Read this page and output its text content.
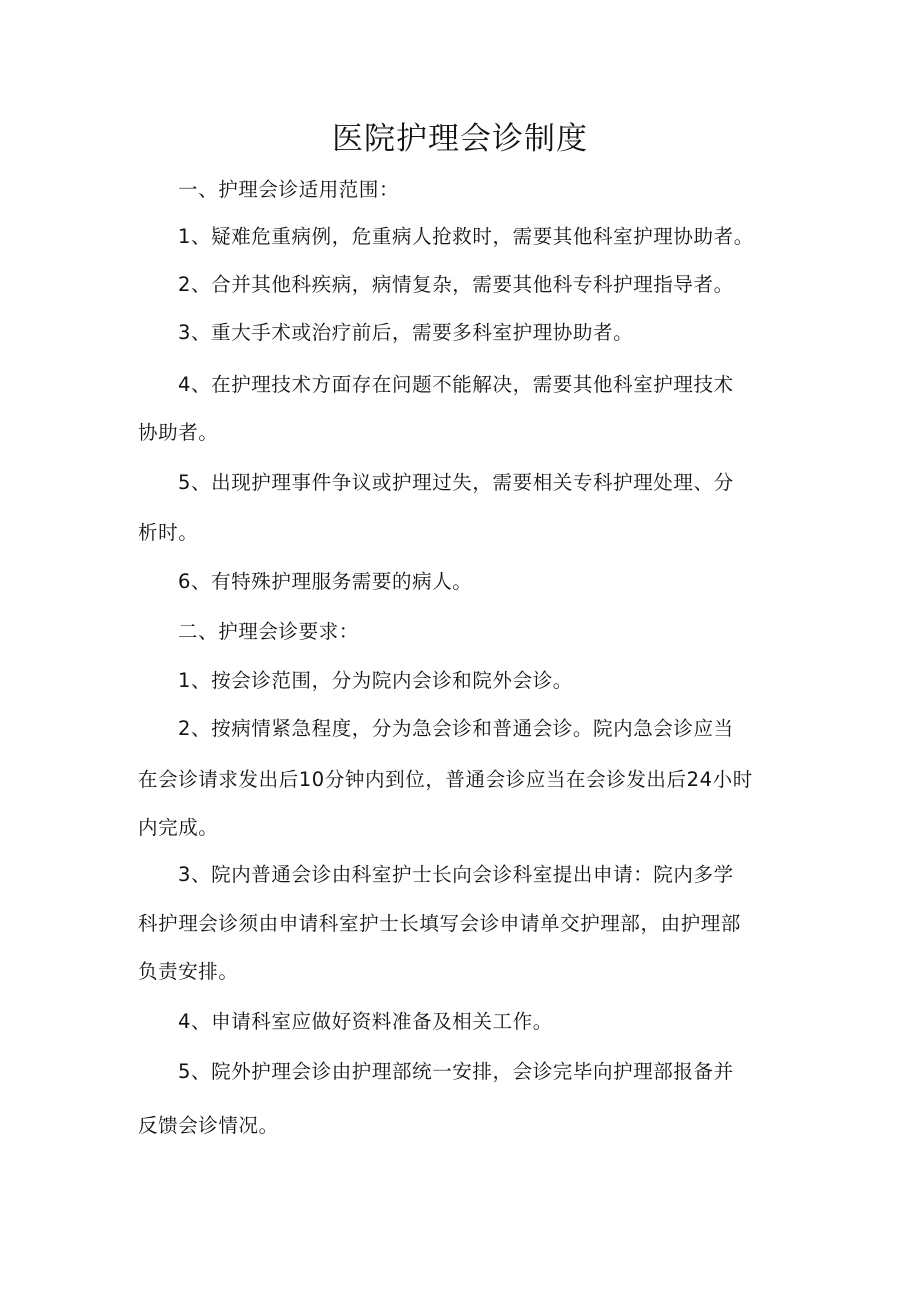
医院护理会诊制度

一、护理会诊适用范围：

1、疑难危重病例，危重病人抢救时，需要其他科室护理协助者。

2、合并其他科疾病，病情复杂，需要其他科专科护理指导者。

3、重大手术或治疗前后，需要多科室护理协助者。

4、在护理技术方面存在问题不能解决，需要其他科室护理技术

协助者。

5、出现护理事件争议或护理过失，需要相关专科护理处理、分

析时。

6、有特殊护理服务需要的病人。

二、护理会诊要求：

1、按会诊范围，分为院内会诊和院外会诊。

2、按病情紧急程度，分为急会诊和普通会诊。院内急会诊应当

在会诊请求发出后10分钟内到位，普通会诊应当在会诊发出后24小时

内完成。

3、院内普通会诊由科室护士长向会诊科室提出申请：院内多学

科护理会诊须由申请科室护士长填写会诊申请单交护理部，由护理部

负责安排。

4、申请科室应做好资料准备及相关工作。

5、院外护理会诊由护理部统一安排，会诊完毕向护理部报备并

反馈会诊情况。
